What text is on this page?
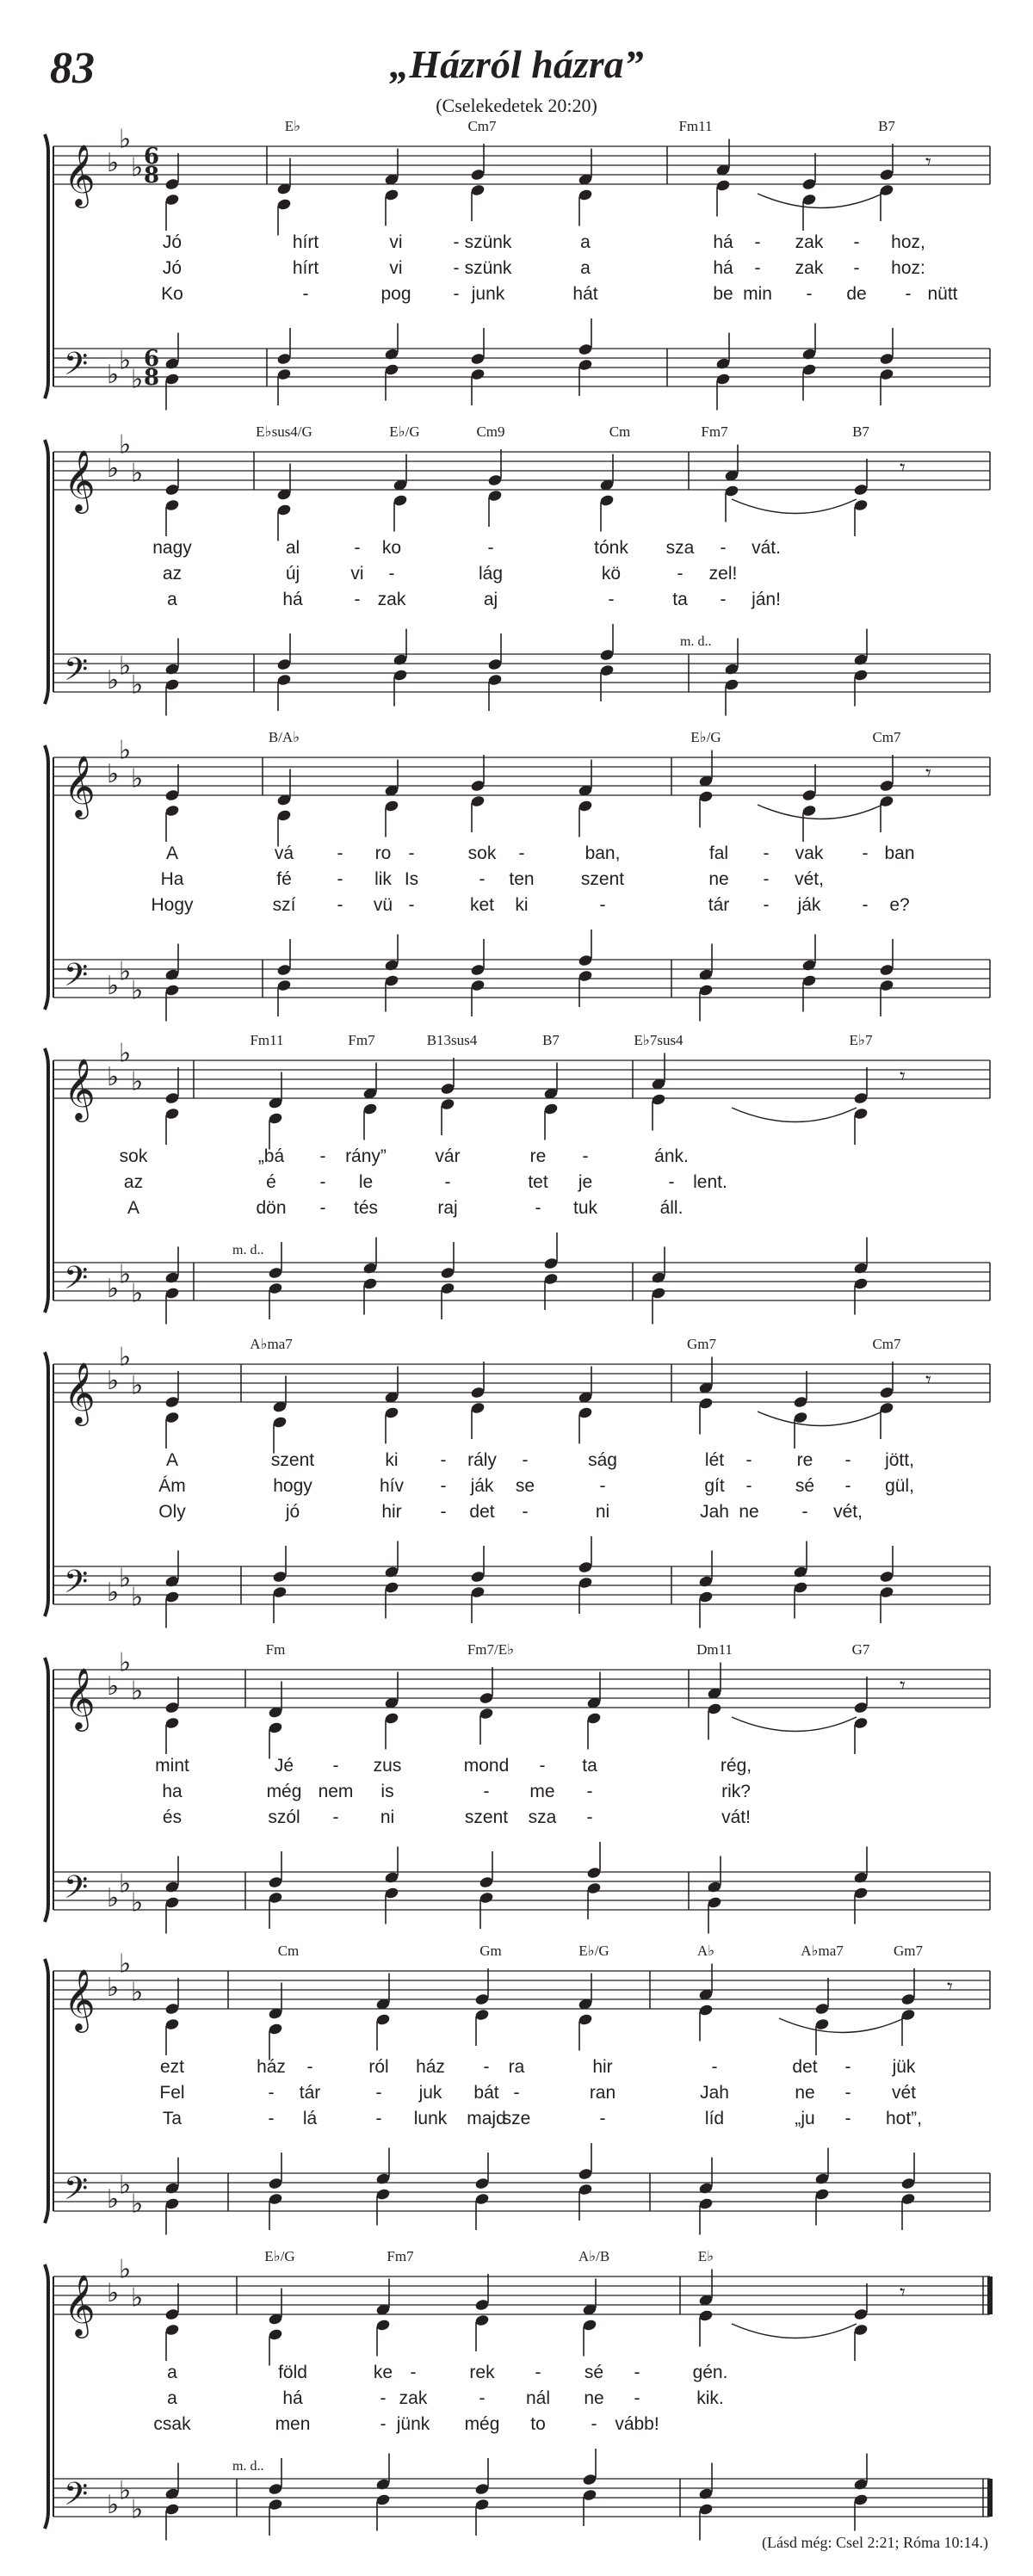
83	„Házról házra”
(Cselekedetek 20:20)
𝄞
𝄢
♭
♭
♭
♭ ♭
♭
6
8
6
8
E♭	Cm7	Fm11	B7
𝄾
Jó	hírt	vi	- szünk	a	há - zak - hoz,
Jó	hírt	vi	- szünk	a	há - zak - hoz:
Ko	-	pog - junk	hát	be min - de - nütt
𝄞
𝄢
♭
♭
♭
♭ ♭
♭
E♭sus4/G	E♭/G	Cm9	Cm	Fm7	B7
𝄾
m. d..
nagy	al	- ko	-	tónk sza - vát.
az	új	vi -	lág	kö	- zel!
a	há	- zak	aj	-	ta - ján!
𝄞
𝄢
♭
♭
♭
♭ ♭
♭
B/A♭	E♭/G	Cm7
𝄾
A	vá - ro -	sok -	ban,	fal - vak - ban
Ha	fé	- lik Is	- ten	szent	ne - vét,
Hogy	szí - vü -	ket ki	-	tár - ják - e?
𝄞
𝄢
♭
♭
♭
♭ ♭
♭
Fm11	Fm7	B13sus4	B7	E♭7sus4	E♭7
𝄾
m. d..
sok	„bá - rány”	vár	re -	ánk.
az	é - le	-	tet je	- lent.
A	dön - tés	raj	- tuk	áll.
𝄞
𝄢
♭
♭
♭
♭ ♭
♭
A♭ma7	Gm7	Cm7
𝄾
A	szent	ki - rály -	ság	lét - re - jött,
Ám	hogy	hív - ják se	-	gít - sé - gül,
Oly	jó	hir - det -	ni	Jah ne - vét,
𝄞
𝄢
♭
♭
♭
♭ ♭
♭
Fm	Fm7/E♭	Dm11	G7
𝄾
mint	Jé - zus	mond - ta	rég,
ha	még nem is	- me -	rik?
és	szól - ni	szent sza -	vát!
𝄞
𝄢
♭
♭
♭
♭ ♭
♭
Cm	Gm	E♭/G	A♭	A♭ma7	Gm7
𝄾
ezt	ház -	ról ház - ra	hir	-	det - jük
Fel	- tár	- juk bát -	ran	Jah	ne - vét
Ta	- lá	- lunk majd
sze	-	líd	„ju - hot”,
𝄞
𝄢
♭
♭
♭
♭ ♭
♭
E♭/G	Fm7	A♭/B	E♭
𝄾
m. d..
a	föld	ke -	rek - sé -	gén.
a	há	- zak	- nál ne -	kik.
csak	men	- jünk még to	- vább!
(Lásd még: Csel 2:21; Róma 10:14.)
